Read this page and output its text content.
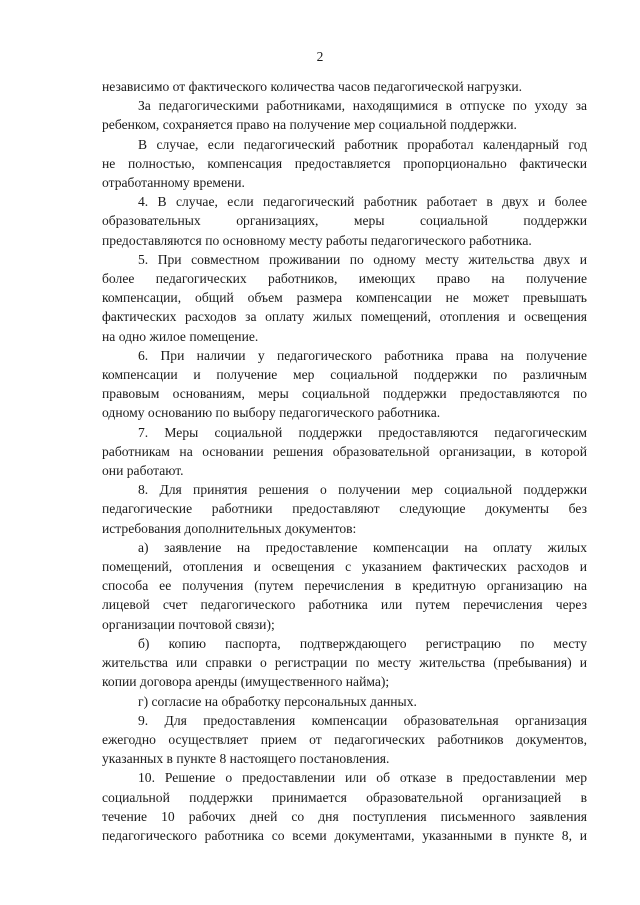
2

независимо от фактического количества часов педагогической нагрузки.

За педагогическими работниками, находящимися в отпуске по уходу за
ребенком, сохраняется право на получение мер социальной поддержки.

В случае, если педагогический работник проработал календарный год
не полностью, компенсация предоставляется пропорционально фактически
отработанному времени.

4. В случае, если педагогический работник работает в двух и более
образовательных организациях, меры социальной поддержки
предоставляются по основному месту работы педагогического работника.

5. При совместном проживании по одному месту жительства двух и
более педагогических работников, имеющих право на получение
компенсации, общий объем размера компенсации не может превышать
фактических расходов за оплату жилых помещений, отопления и освещения
на одно жилое помещение.

6. При наличии у педагогического работника права на получение
компенсации и получение мер социальной поддержки по различным
правовым основаниям, меры социальной поддержки предоставляются по
одному основанию по выбору педагогического работника.

7. Меры социальной поддержки предоставляются педагогическим
работникам на основании решения образовательной организации, в которой
они работают.

8. Для принятия решения о получении мер социальной поддержки
педагогические работники предоставляют следующие документы без
истребования дополнительных документов:

а) заявление на предоставление компенсации на оплату жилых
помещений, отопления и освещения с указанием фактических расходов и
способа ее получения (путем перечисления в кредитную организацию на
лицевой счет педагогического работника или путем перечисления через
организации почтовой связи);

б) копию паспорта, подтверждающего регистрацию по месту
жительства или справки о регистрации по месту жительства (пребывания) и
копии договора аренды (имущественного найма);

г) согласие на обработку персональных данных.

9. Для предоставления компенсации образовательная организация
ежегодно осуществляет прием от педагогических работников документов,
указанных в пункте 8 настоящего постановления.

10. Решение о предоставлении или об отказе в предоставлении мер
социальной поддержки принимается образовательной организацией в
течение 10 рабочих дней со дня поступления письменного заявления
педагогического работника со всеми документами, указанными в пункте 8, и
